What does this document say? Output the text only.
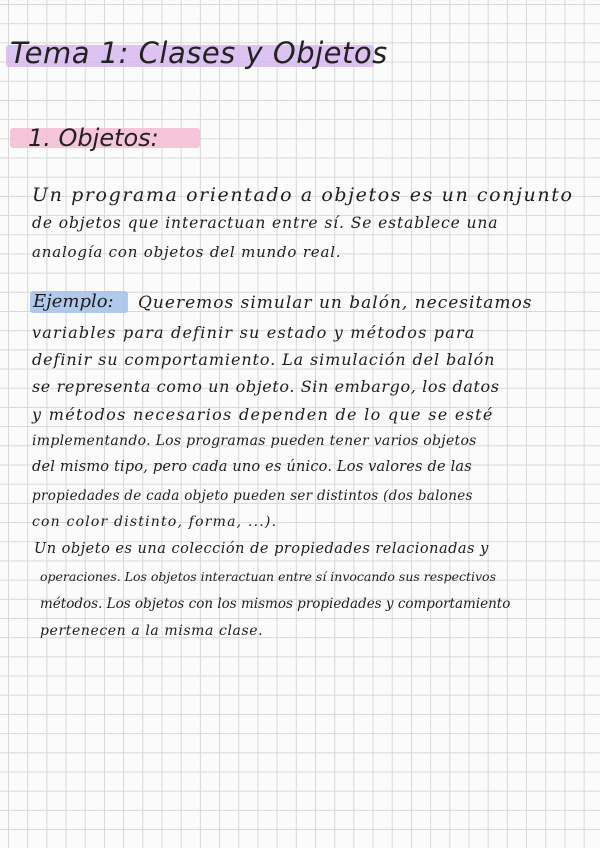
Tema 1: Clases y Objetos
1. Objetos:
Un programa orientado a objetos es un conjunto
de objetos que interactuan entre sí. Se establece una
analogía con objetos del mundo real.
Ejemplo: Queremos simular un balón, necesitamos
variables para definir su estado y métodos para
definir su comportamiento. La simulación del balón
se representa como un objeto. Sin embargo, los datos
y métodos necesarios dependen de lo que se esté
implementando. Los programas pueden tener varios objetos
del mismo tipo, pero cada uno es único. Los valores de las
propiedades de cada objeto pueden ser distintos (dos balones
con color distinto, forma, ...).
Un objeto es una colección de propiedades relacionadas y
operaciones. Los objetos interactuan entre sí invocando sus respectivos
métodos. Los objetos con los mismos propiedades y comportamiento
pertenecen a la misma clase.
